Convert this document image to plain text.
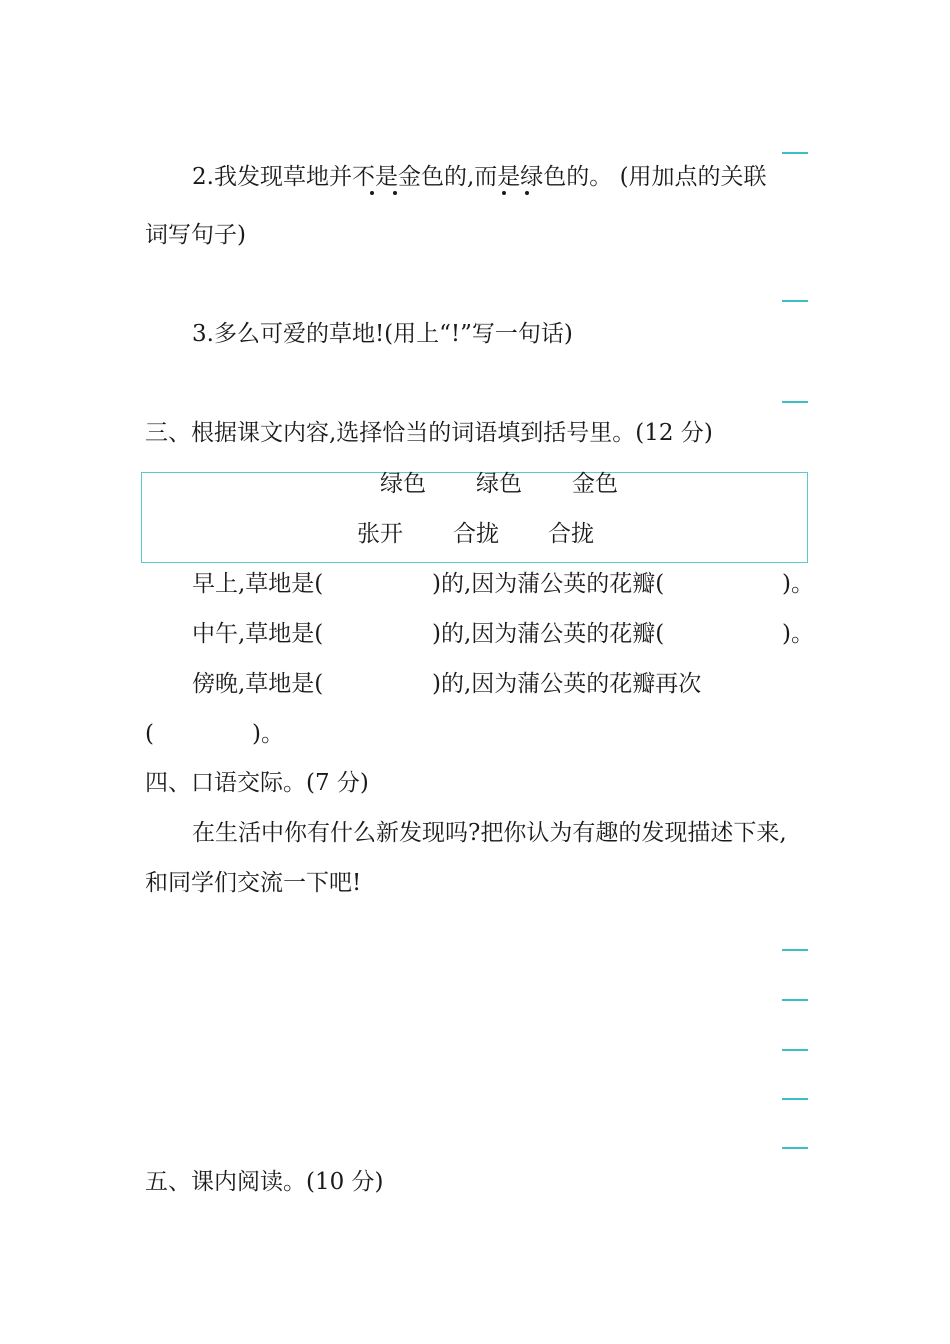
2.我发现草地并不是金色的,而是绿色的。 (用加点的关联
词写句子)
3.多么可爱的草地!(用上“!”写一句话)
三、根据课文内容,选择恰当的词语填到括号里。(12 分)
绿色 绿色 金色
张开 合拢 合拢
早上,草地是(	)的,因为蒲公英的花瓣(	)。
中午,草地是(	)的,因为蒲公英的花瓣(	)。
傍晚,草地是(	)的,因为蒲公英的花瓣再次
(	)。
四、口语交际。(7 分)
在生活中你有什么新发现吗?把你认为有趣的发现描述下来,
和同学们交流一下吧!
五、课内阅读。(10 分)
